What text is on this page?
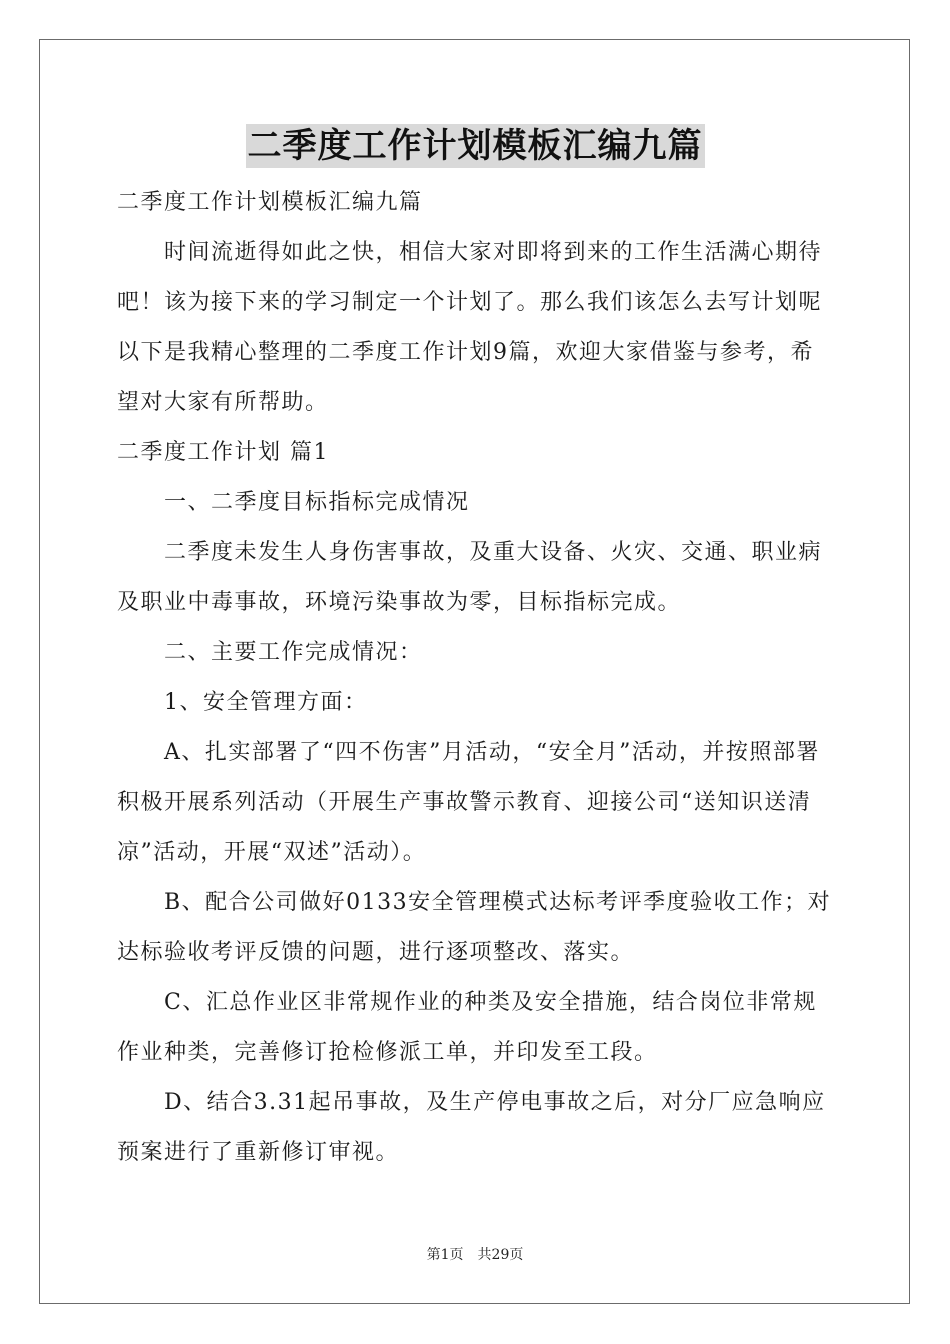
二季度工作计划模板汇编九篇

二季度工作计划模板汇编九篇

时间流逝得如此之快，相信大家对即将到来的工作生活满心期待吧！该为接下来的学习制定一个计划了。那么我们该怎么去写计划呢以下是我精心整理的二季度工作计划9篇，欢迎大家借鉴与参考，希望对大家有所帮助。

二季度工作计划 篇1

一、二季度目标指标完成情况

二季度未发生人身伤害事故，及重大设备、火灾、交通、职业病及职业中毒事故，环境污染事故为零，目标指标完成。

二、主要工作完成情况：

1、安全管理方面：

A、扎实部署了“四不伤害”月活动，“安全月”活动，并按照部署积极开展系列活动（开展生产事故警示教育、迎接公司“送知识送清凉”活动，开展“双述”活动）。

B、配合公司做好0133安全管理模式达标考评季度验收工作；对达标验收考评反馈的问题，进行逐项整改、落实。

C、汇总作业区非常规作业的种类及安全措施，结合岗位非常规作业种类，完善修订抢检修派工单，并印发至工段。

D、结合3.31起吊事故，及生产停电事故之后，对分厂应急响应预案进行了重新修订审视。

第1页 共29页
